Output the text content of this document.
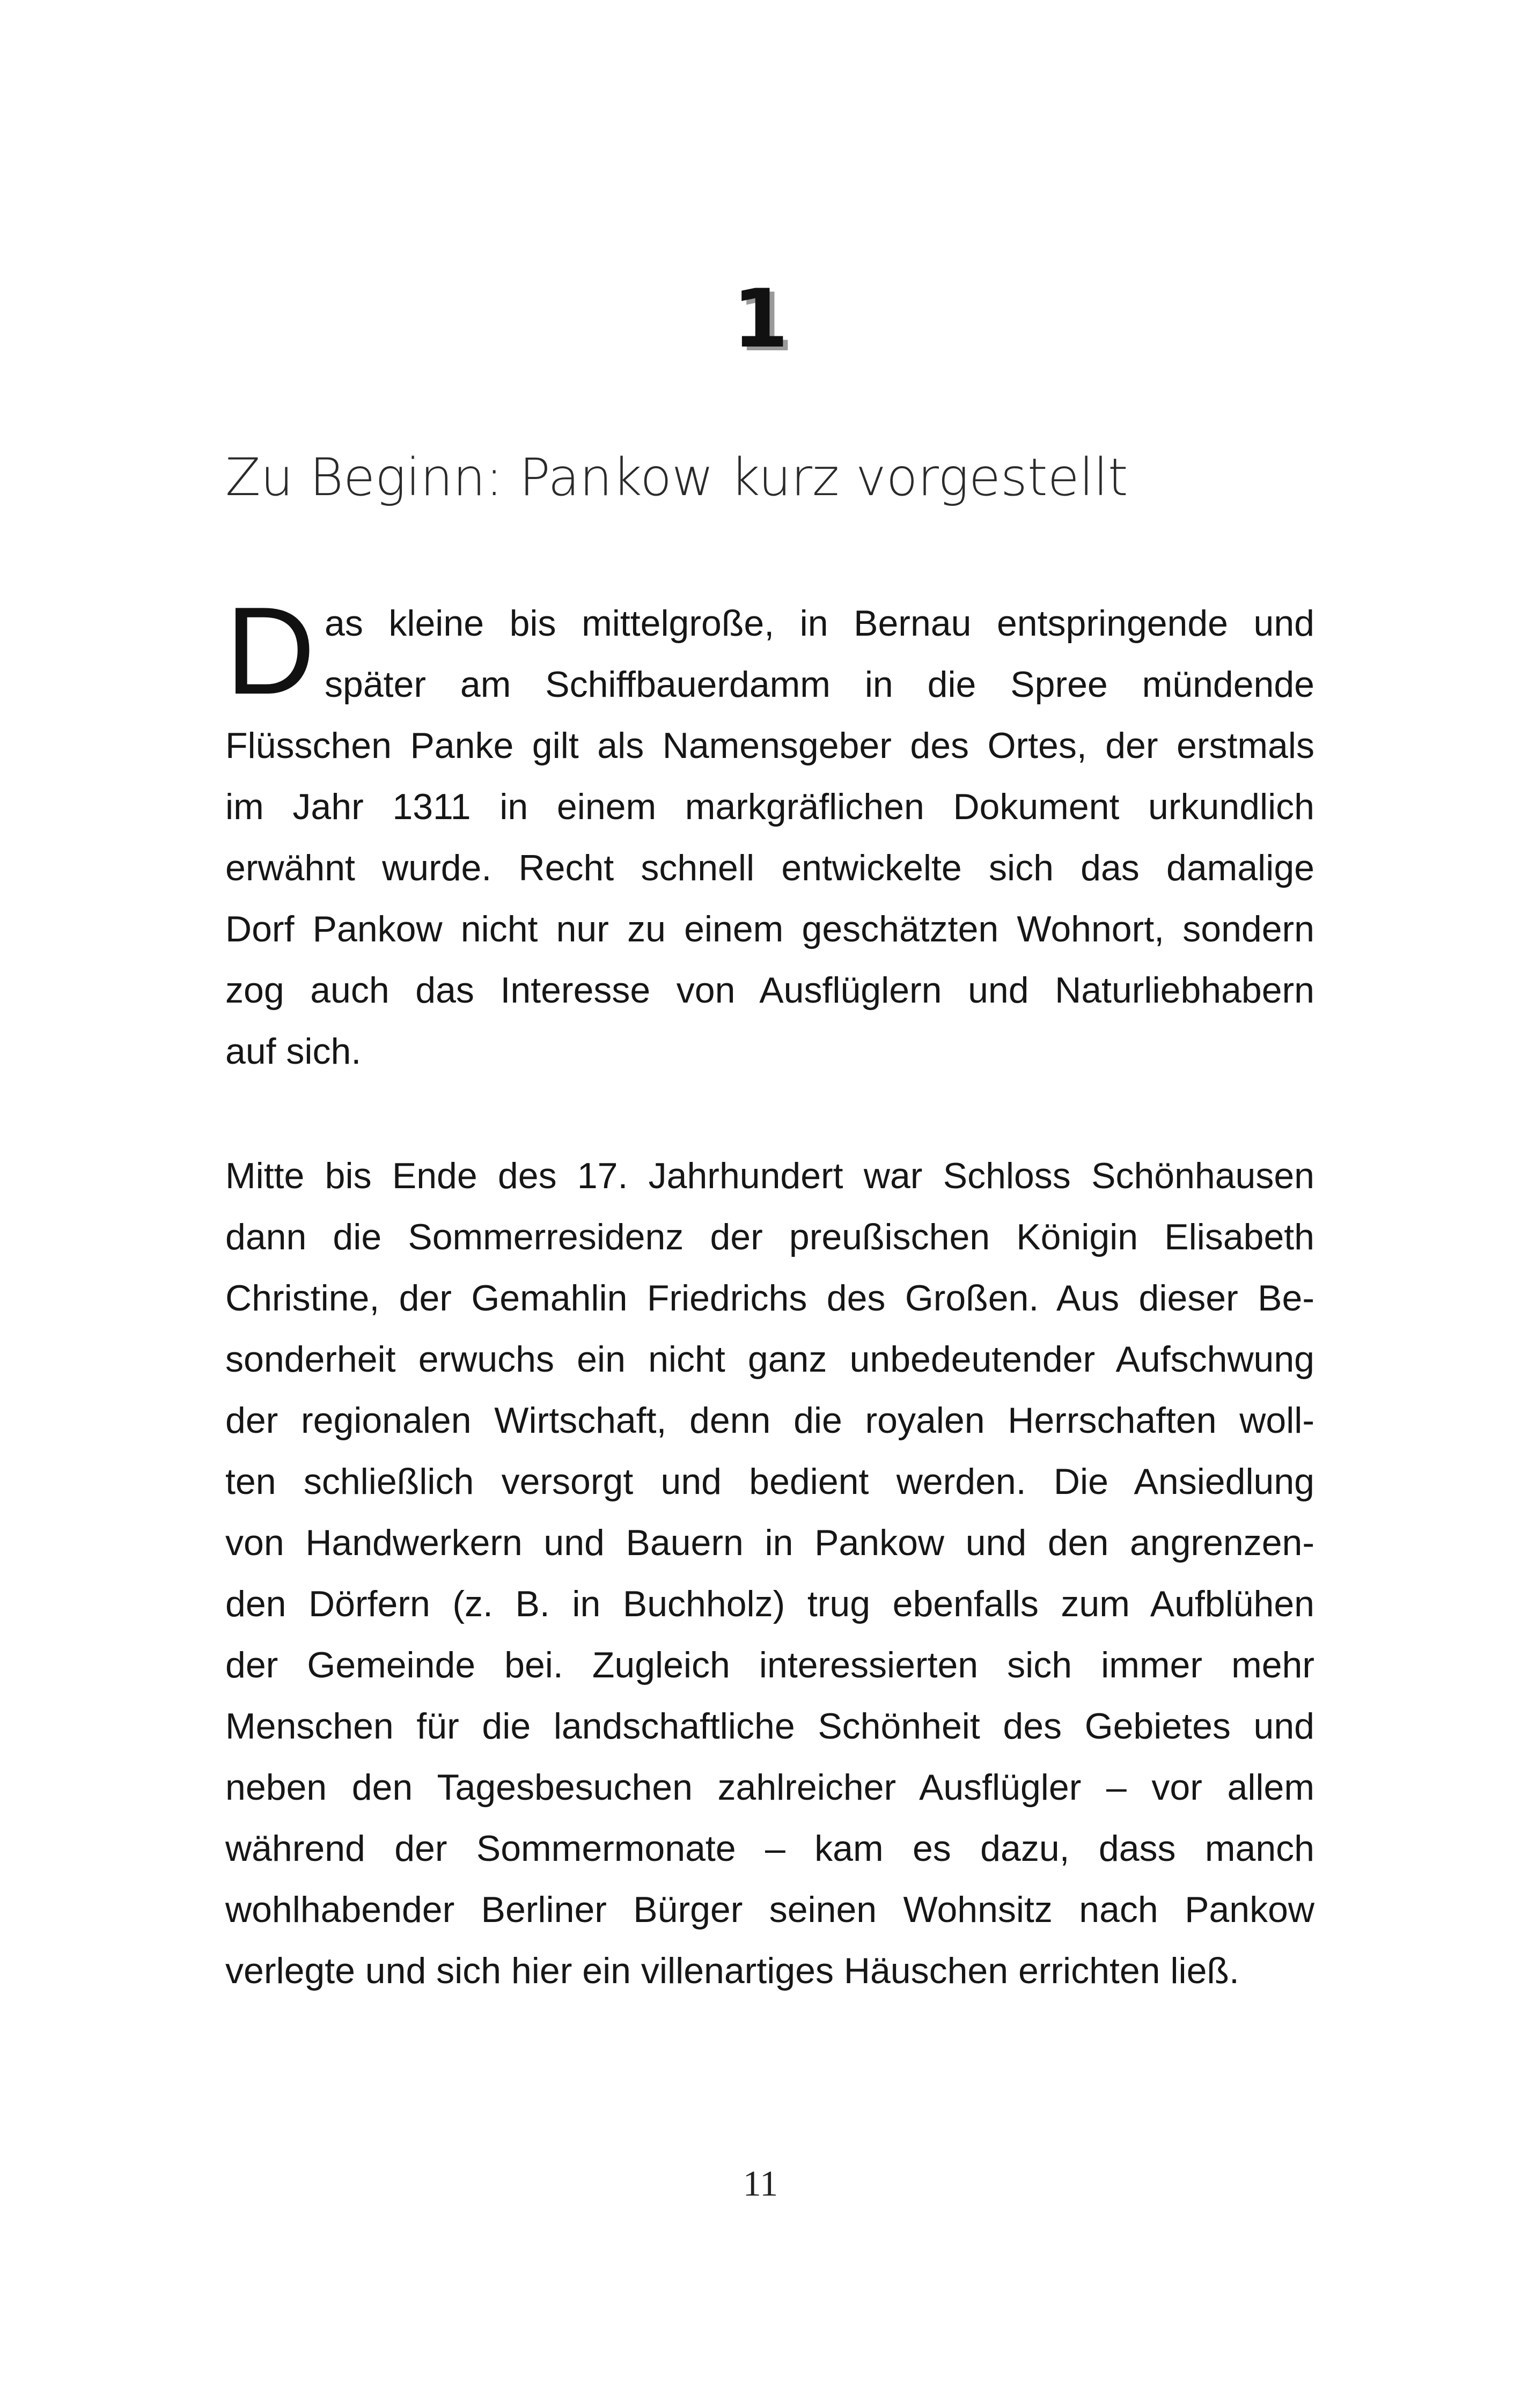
1
Zu Beginn: Pankow kurz vorgestellt
D as kleine bis mittelgroße, in Bernau entspringende und
später am Schiffbauerdamm in die Spree mündende
Flüsschen Panke gilt als Namensgeber des Ortes, der erstmals
im Jahr 1311 in einem markgräflichen Dokument urkundlich
erwähnt wurde. Recht schnell entwickelte sich das damalige
Dorf Pankow nicht nur zu einem geschätzten Wohnort, sondern
zog auch das Interesse von Ausflüglern und Naturliebhabern
auf sich.
Mitte bis Ende des 17. Jahrhundert war Schloss Schönhausen
dann die Sommerresidenz der preußischen Königin Elisabeth
Christine, der Gemahlin Friedrichs des Großen. Aus dieser Be-
sonderheit erwuchs ein nicht ganz unbedeutender Aufschwung
der regionalen Wirtschaft, denn die royalen Herrschaften woll-
ten schließlich versorgt und bedient werden. Die Ansiedlung
von Handwerkern und Bauern in Pankow und den angrenzen-
den Dörfern (z. B. in Buchholz) trug ebenfalls zum Aufblühen
der Gemeinde bei. Zugleich interessierten sich immer mehr
Menschen für die landschaftliche Schönheit des Gebietes und
neben den Tagesbesuchen zahlreicher Ausflügler – vor allem
während der Sommermonate – kam es dazu, dass manch
wohlhabender Berliner Bürger seinen Wohnsitz nach Pankow
verlegte und sich hier ein villenartiges Häuschen errichten ließ.
11
